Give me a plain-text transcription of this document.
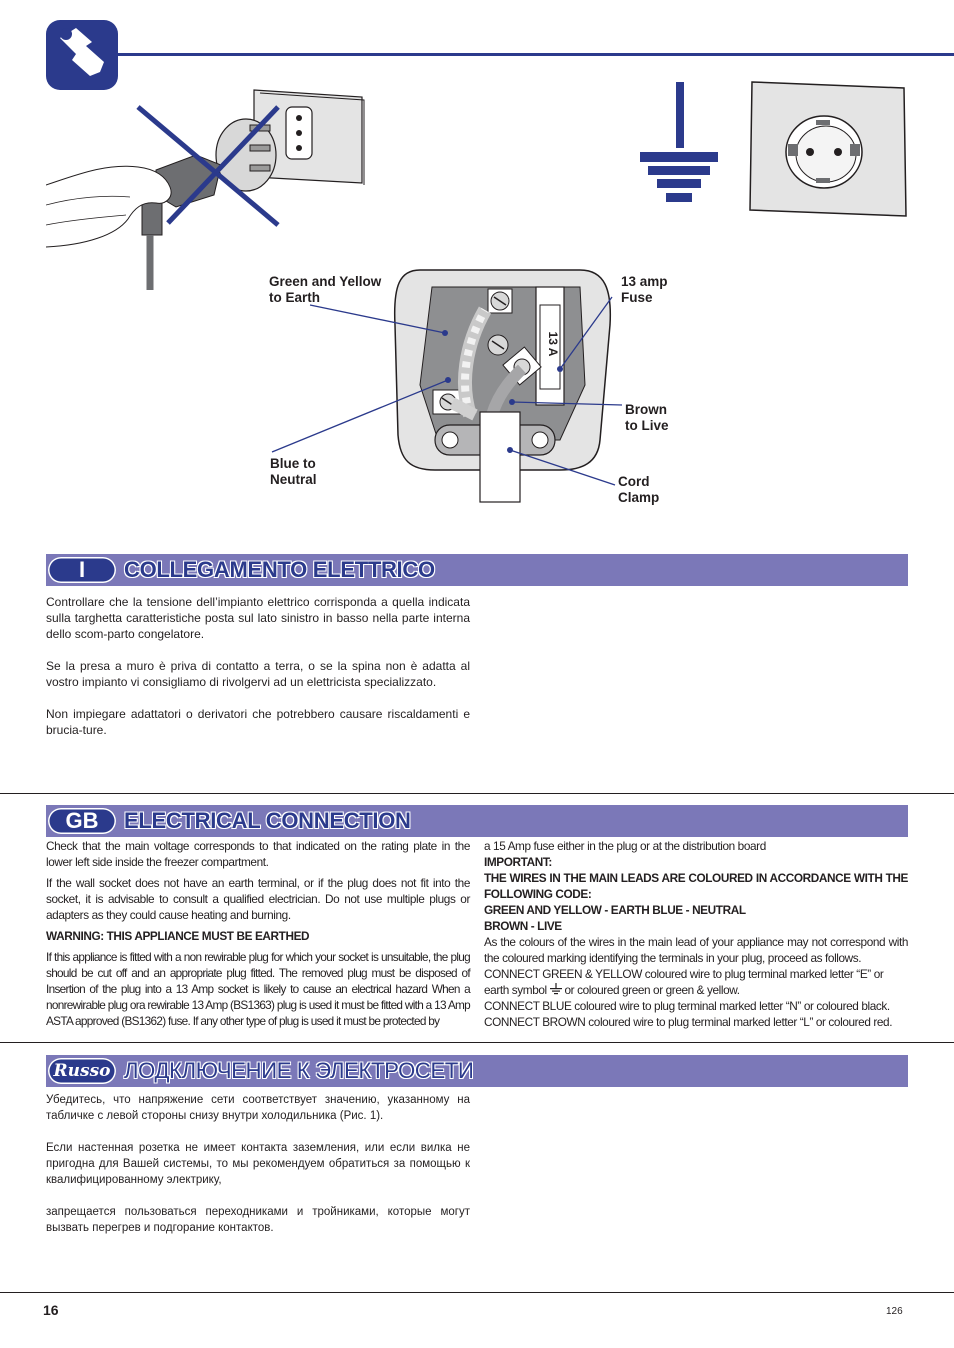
13 A
Green and Yellow
to Earth
13 amp
Fuse
Brown
to Live
Blue to
Neutral	Cord
Clamp
I	COLLEGAMENTO ELETTRICO

Controllare che la tensione dell’impianto elettrico corrisponda a quella indicata sulla targhetta caratteristiche posta sul lato sinistro in basso nella parte interna dello scom-parto congelatore.

Se la presa a muro è priva di contatto a terra, o se la spina non è adatta al vostro impianto vi consigliamo di rivolgervi ad un elettricista specializzato.

Non impiegare adattatori o derivatori che potrebbero causare riscaldamenti e brucia-ture.

GB	ELECTRICAL CONNECTION

Check that the main voltage corresponds to that indicated on the rating plate in the lower left side inside the freezer compartment.

If the wall socket does not have an earth terminal, or if the plug does not fit into the socket, it is advisable to consult a qualified electrician. Do not use multiple plugs or adapters as they could cause heating and burning.

WARNING: THIS APPLIANCE MUST BE EARTHED

If this appliance is fitted with a non rewirable plug for which your socket is unsuitable, the plug should be cut off and an appropriate plug fitted. The removed plug must be disposed of Insertion of the plug into a 13 Amp socket is likely to cause an electrical hazard When a nonrewirable plug ora rewirable 13 Amp (BS1363) plug is used it must be fitted with a 13 Amp ASTA approved (BS1362) fuse. If any other type of plug is used it must be protected by

a 15 Amp fuse either in the plug or at the distribution board

IMPORTANT:

THE WIRES IN THE MAIN LEADS ARE COLOURED IN ACCORDANCE WITH THE FOLLOWING CODE:

GREEN AND YELLOW - EARTH BLUE - NEUTRAL

BROWN - LIVE

As the colours of the wires in the main lead of your appliance may not correspond with the coloured marking identifying the terminals in your plug, proceed as follows.

CONNECT GREEN & YELLOW coloured wire to plug terminal marked letter “E” or earth symbol or coloured green or green & yellow.

CONNECT BLUE coloured wire to plug terminal marked letter “N” or coloured black.

CONNECT BROWN coloured wire to plug terminal marked letter “L” or coloured red.

Russo ЛОДКЛЮЧЕНИЕ К ЭЛЕКТРОСЕТИ

Убедитесь, что напряжение сети соответствует значению, указанному на табличке с левой стороны снизу внутри холодильника (Рис. 1).

Если настенная розетка не имеет контакта заземления, или если вилка не пригодна для Вашей системы, то мы рекомендуем обратиться за помощью к квалифицированному электрику,

запрещается пользоваться переходниками и тройниками, которые могут вызвать перегрев и подгорание контактов.

16	126
